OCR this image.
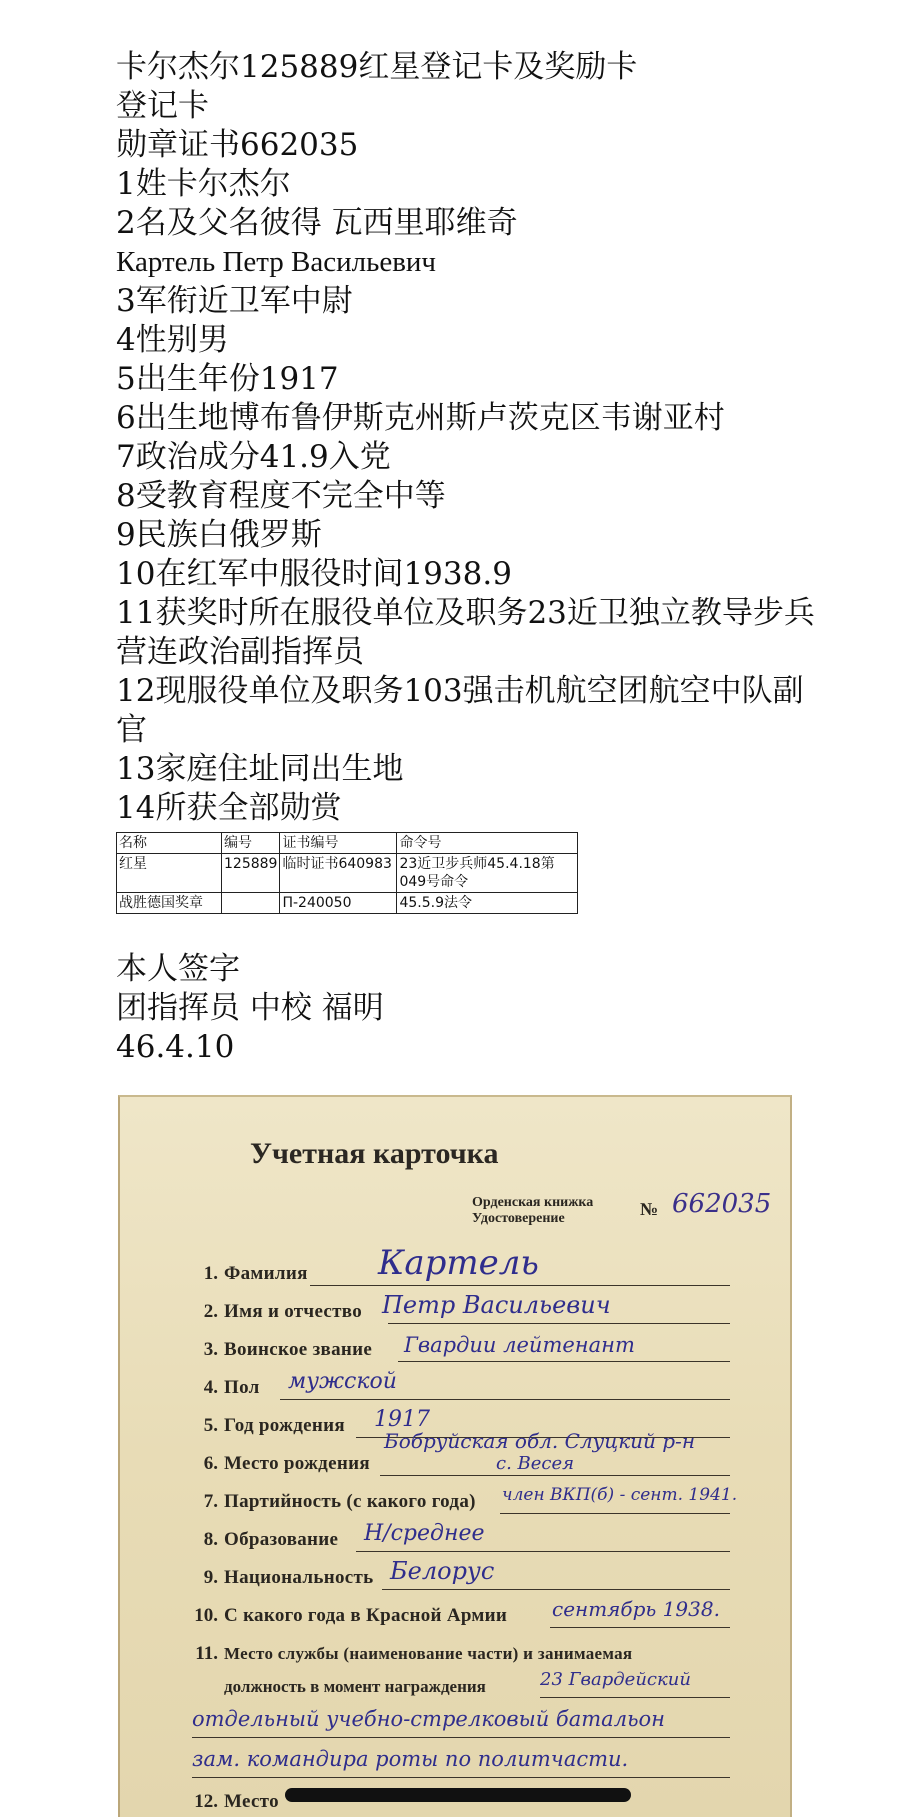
卡尔杰尔125889红星登记卡及奖励卡
登记卡
勋章证书662035
1姓卡尔杰尔
2名及父名彼得 瓦西里耶维奇
Картель Петр Васильевич
3军衔近卫军中尉
4性别男
5出生年份1917
6出生地博布鲁伊斯克州斯卢茨克区韦谢亚村
7政治成分41.9入党
8受教育程度不完全中等
9民族白俄罗斯
10在红军中服役时间1938.9
11获奖时所在服役单位及职务23近卫独立教导步兵营连政治副指挥员
12现服役单位及职务103强击机航空团航空中队副官
13家庭住址同出生地
14所获全部勋赏
名称	编号	证书编号	命令号
红星	125889	临时证书640983	23近卫步兵师45.4.18第049号命令
战胜德国奖章		П-240050	45.5.9法令
本人签字
团指挥员 中校 福明
46.4.10
Учетная карточка
Орденская книжка
Удостоверение	№ 662035
1. Фамилия Картель
2. Имя и отчество Петр Васильевич
3. Воинское звание Гвардии лейтенант
4. Пол мужской
5. Год рождения 1917
6. Место рождения
Бобруйская обл. Слуцкий р-н
с. Весея
7. Партийность (с какого года) член ВКП(б) - сент. 1941.
8. Образование Н/среднее
9. Национальность Белорус
10. С какого года в Красной Армии сентябрь 1938.
11. Место службы (наименование части) и занимаемая
должность в момент награждения	23 Гвардейский
отдельный учебно-стрелковый батальон
зам. командира роты по политчасти.
12. Место
